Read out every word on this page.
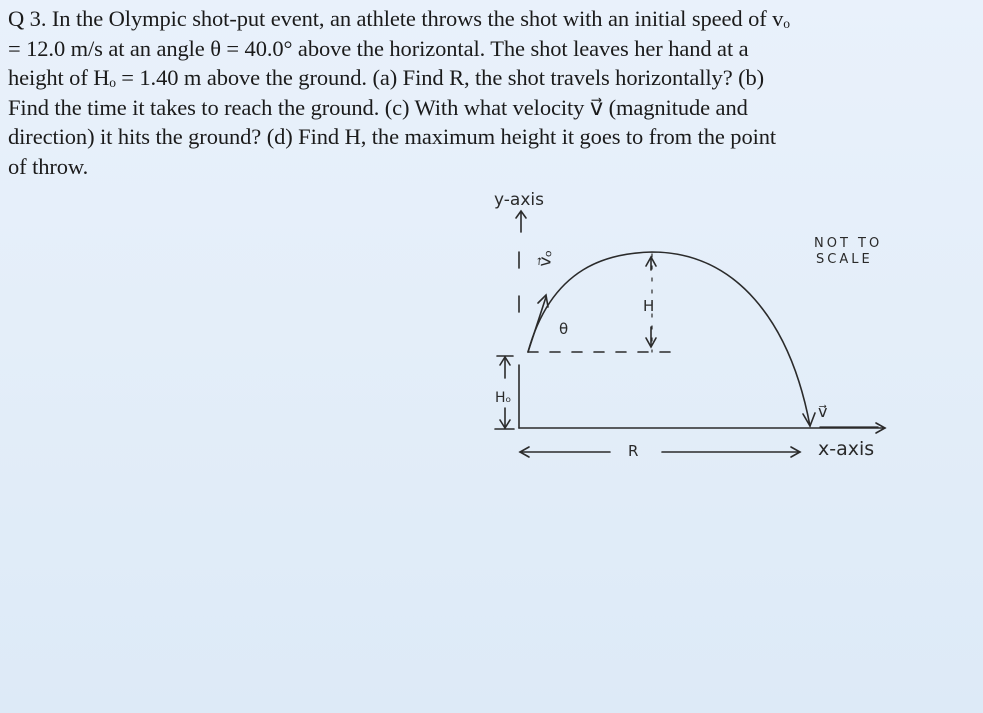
Q 3. In the Olympic shot-put event, an athlete throws the shot with an initial speed of vₒ
= 12.0 m/s at an angle θ = 40.0° above the horizontal. The shot leaves her hand at a
height of Hₒ = 1.40 m above the ground. (a) Find R, the shot travels horizontally? (b)
Find the time it takes to reach the ground. (c) With what velocity v⃗ (magnitude and
direction) it hits the ground? (d) Find H, the maximum height it goes to from the point
of throw.
y-axis
NOT TO
SCALE
v⃗ₒ
θ
H
Hₒ
R
v⃗
x-axis
